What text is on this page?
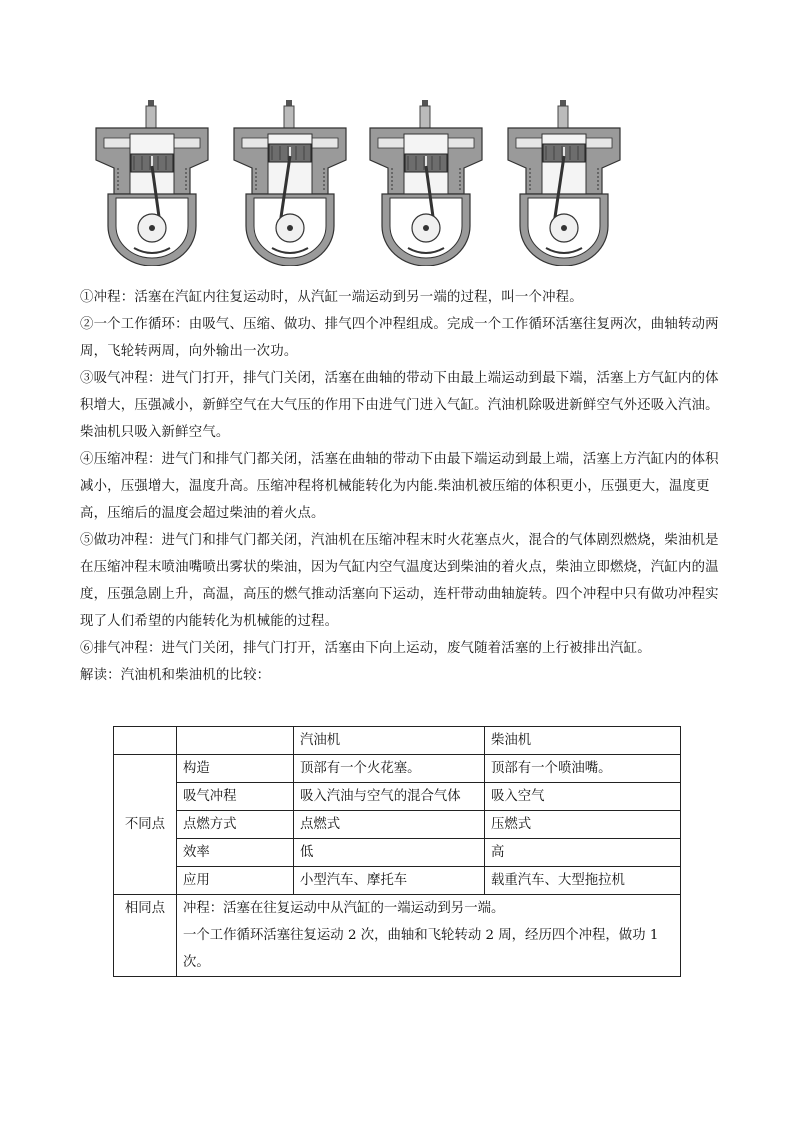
①冲程：活塞在汽缸内往复运动时，从汽缸一端运动到另一端的过程，叫一个冲程。

②一个工作循环：由吸气、压缩、做功、排气四个冲程组成。完成一个工作循环活塞往复两次，曲轴转动两周，飞轮转两周，向外输出一次功。

③吸气冲程：进气门打开，排气门关闭，活塞在曲轴的带动下由最上端运动到最下端，活塞上方气缸内的体积增大，压强减小，新鲜空气在大气压的作用下由进气门进入气缸。汽油机除吸进新鲜空气外还吸入汽油。柴油机只吸入新鲜空气。

④压缩冲程：进气门和排气门都关闭，活塞在曲轴的带动下由最下端运动到最上端，活塞上方汽缸内的体积减小，压强增大，温度升高。压缩冲程将机械能转化为内能.柴油机被压缩的体积更小，压强更大，温度更高，压缩后的温度会超过柴油的着火点。

⑤做功冲程：进气门和排气门都关闭，汽油机在压缩冲程末时火花塞点火，混合的气体剧烈燃烧，柴油机是在压缩冲程末喷油嘴喷出雾状的柴油，因为气缸内空气温度达到柴油的着火点，柴油立即燃烧，汽缸内的温度，压强急剧上升，高温，高压的燃气推动活塞向下运动，连杆带动曲轴旋转。四个冲程中只有做功冲程实现了人们希望的内能转化为机械能的过程。

⑥排气冲程：进气门关闭，排气门打开，活塞由下向上运动，废气随着活塞的上行被排出汽缸。

解读：汽油机和柴油机的比较：

		汽油机	柴油机
不同点	构造	顶部有一个火花塞。	顶部有一个喷油嘴。
	吸气冲程	吸入汽油与空气的混合气体	吸入空气
	点燃方式	点燃式	压燃式
	效率	低	高
	应用	小型汽车、摩托车	载重汽车、大型拖拉机
相同点	冲程：活塞在往复运动中从汽缸的一端运动到另一端。

一个工作循环活塞往复运动 2 次，曲轴和飞轮转动 2 周，经历四个冲程，做功 1 次。		
